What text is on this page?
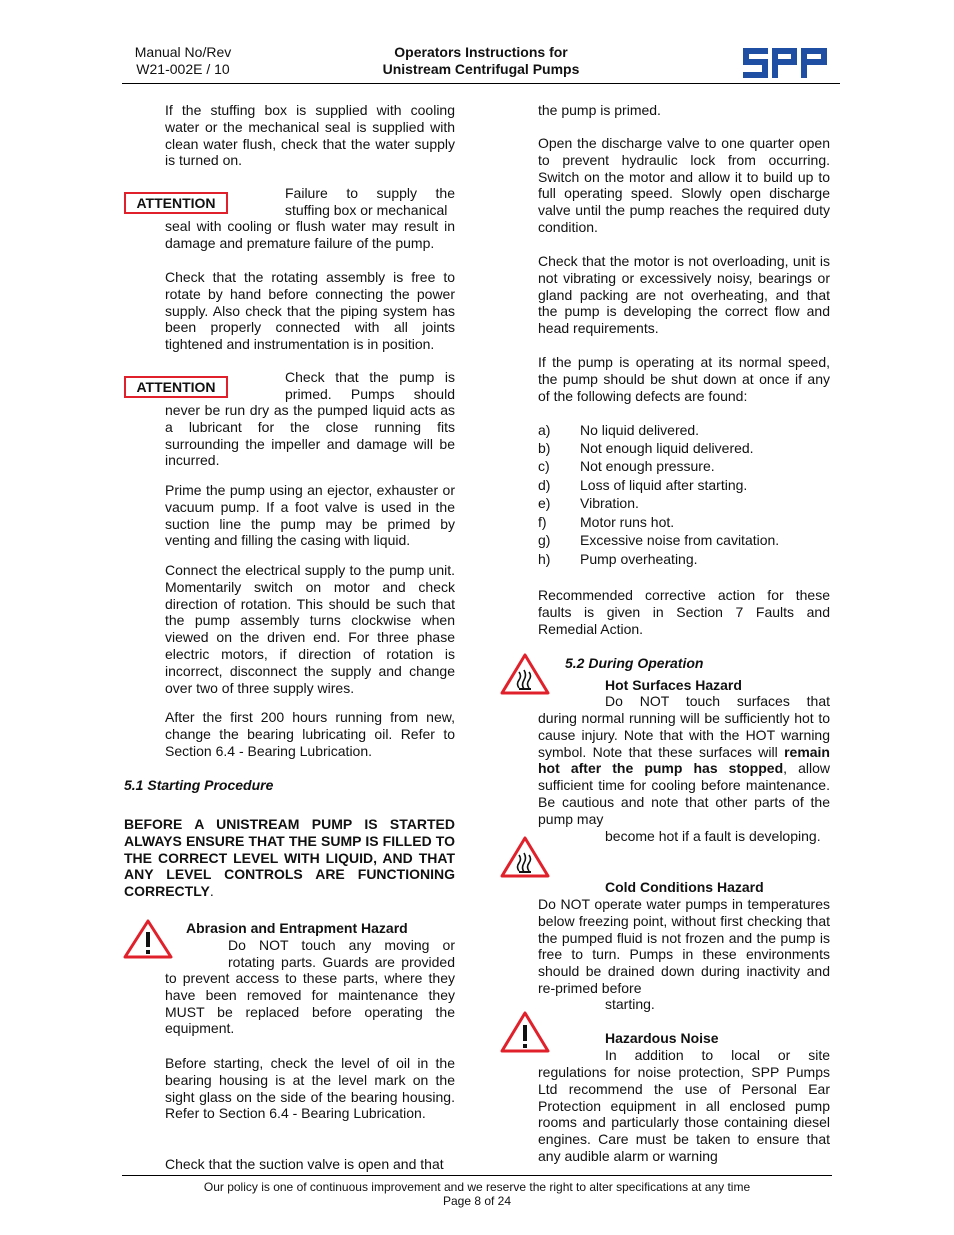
Manual No/Rev
W21-002E / 10
Operators Instructions for
Unistream Centrifugal Pumps
If the stuffing box is supplied with cooling water or the mechanical seal is supplied with clean water flush, check that the water supply is turned on.
ATTENTION
Failure to supply the
stuffing box or mechanical
seal with cooling or flush water may result in damage and premature failure of the pump.
Check that the rotating assembly is free to rotate by hand before connecting the power supply. Also check that the piping system has been properly connected with all joints tightened and instrumentation is in position.
ATTENTION
Check that the pump is
primed. Pumps should
never be run dry as the pumped liquid acts as a lubricant for the close running fits surrounding the impeller and damage will be incurred.
Prime the pump using an ejector, exhauster or vacuum pump. If a foot valve is used in the suction line the pump may be primed by venting and filling the casing with liquid.
Connect the electrical supply to the pump unit. Momentarily switch on motor and check direction of rotation. This should be such that the pump assembly turns clockwise when viewed on the driven end. For three phase electric motors, if direction of rotation is incorrect, disconnect the supply and change over two of three supply wires.
After the first 200 hours running from new, change the bearing lubricating oil. Refer to Section 6.4 - Bearing Lubrication.
5.1 Starting Procedure
BEFORE A UNISTREAM PUMP IS STARTED ALWAYS ENSURE THAT THE SUMP IS FILLED TO THE CORRECT LEVEL WITH LIQUID, AND THAT ANY LEVEL CONTROLS ARE FUNCTIONING CORRECTLY.
Abrasion and Entrapment Hazard
Do NOT touch any moving or
rotating parts. Guards are provided
to prevent access to these parts, where they have been removed for maintenance they MUST be replaced before operating the equipment.
Before starting, check the level of oil in the bearing housing is at the level mark on the sight glass on the side of the bearing housing. Refer to Section 6.4 - Bearing Lubrication.
Check that the suction valve is open and that
the pump is primed.
Open the discharge valve to one quarter open to prevent hydraulic lock from occurring. Switch on the motor and allow it to build up to full operating speed. Slowly open discharge valve until the pump reaches the required duty condition.
Check that the motor is not overloading, unit is not vibrating or excessively noisy, bearings or gland packing are not overheating, and that the pump is developing the correct flow and head requirements.
If the pump is operating at its normal speed, the pump should be shut down at once if any of the following defects are found:
a)	No liquid delivered.
b)	Not enough liquid delivered.
c)	Not enough pressure.
d)	Loss of liquid after starting.
e)	Vibration.
f)	Motor runs hot.
g)	Excessive noise from cavitation.
h)	Pump overheating.
Recommended corrective action for these faults is given in Section 7 Faults and Remedial Action.
5.2 During Operation
Hot Surfaces Hazard
Do NOT touch surfaces that
during normal running will be sufficiently hot to cause injury. Note that with the HOT warning symbol. Note that these surfaces will remain hot after the pump has stopped, allow sufficient time for cooling before maintenance. Be cautious and note that other parts of the pump may
become hot if a fault is developing.
Cold Conditions Hazard
Do NOT operate water pumps in temperatures below freezing point, without first checking that the pumped fluid is not frozen and the pump is free to turn. Pumps in these environments should be drained down during inactivity and re-primed before
starting.
Hazardous Noise
In addition to local or site
regulations for noise protection, SPP Pumps Ltd recommend the use of Personal Ear Protection equipment in all enclosed pump rooms and particularly those containing diesel engines. Care must be taken to ensure that any audible alarm or warning
Our policy is one of continuous improvement and we reserve the right to alter specifications at any time
Page 8 of 24
